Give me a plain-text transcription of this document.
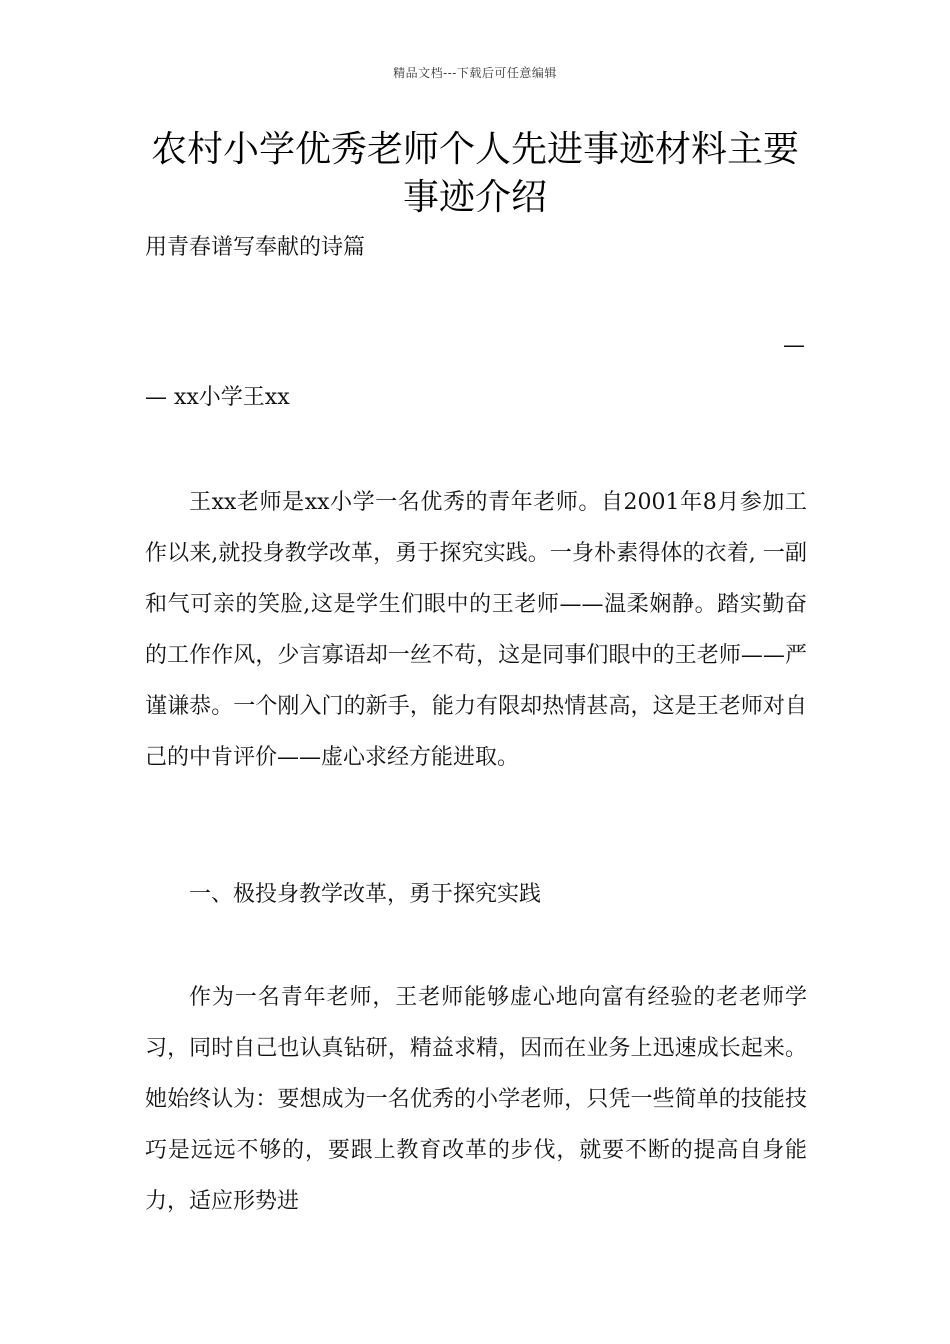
精品文档---下载后可任意编辑
农村小学优秀老师个人先进事迹材料主要事迹介绍
用青春谱写奉献的诗篇
—
— xx小学王xx

王xx老师是xx小学一名优秀的青年老师。自2001年8月参加工作以来,就投身教学改革，勇于探究实践。一身朴素得体的衣着, 一副和气可亲的笑脸,这是学生们眼中的王老师——温柔娴静。踏实勤奋的工作作风，少言寡语却一丝不苟，这是同事们眼中的王老师——严谨谦恭。一个刚入门的新手，能力有限却热情甚高，这是王老师对自己的中肯评价——虚心求经方能进取。

一、极投身教学改革，勇于探究实践

作为一名青年老师，王老师能够虚心地向富有经验的老老师学习，同时自己也认真钻研，精益求精，因而在业务上迅速成长起来。她始终认为：要想成为一名优秀的小学老师，只凭一些简单的技能技巧是远远不够的，要跟上教育改革的步伐，就要不断的提高自身能力，适应形势进
